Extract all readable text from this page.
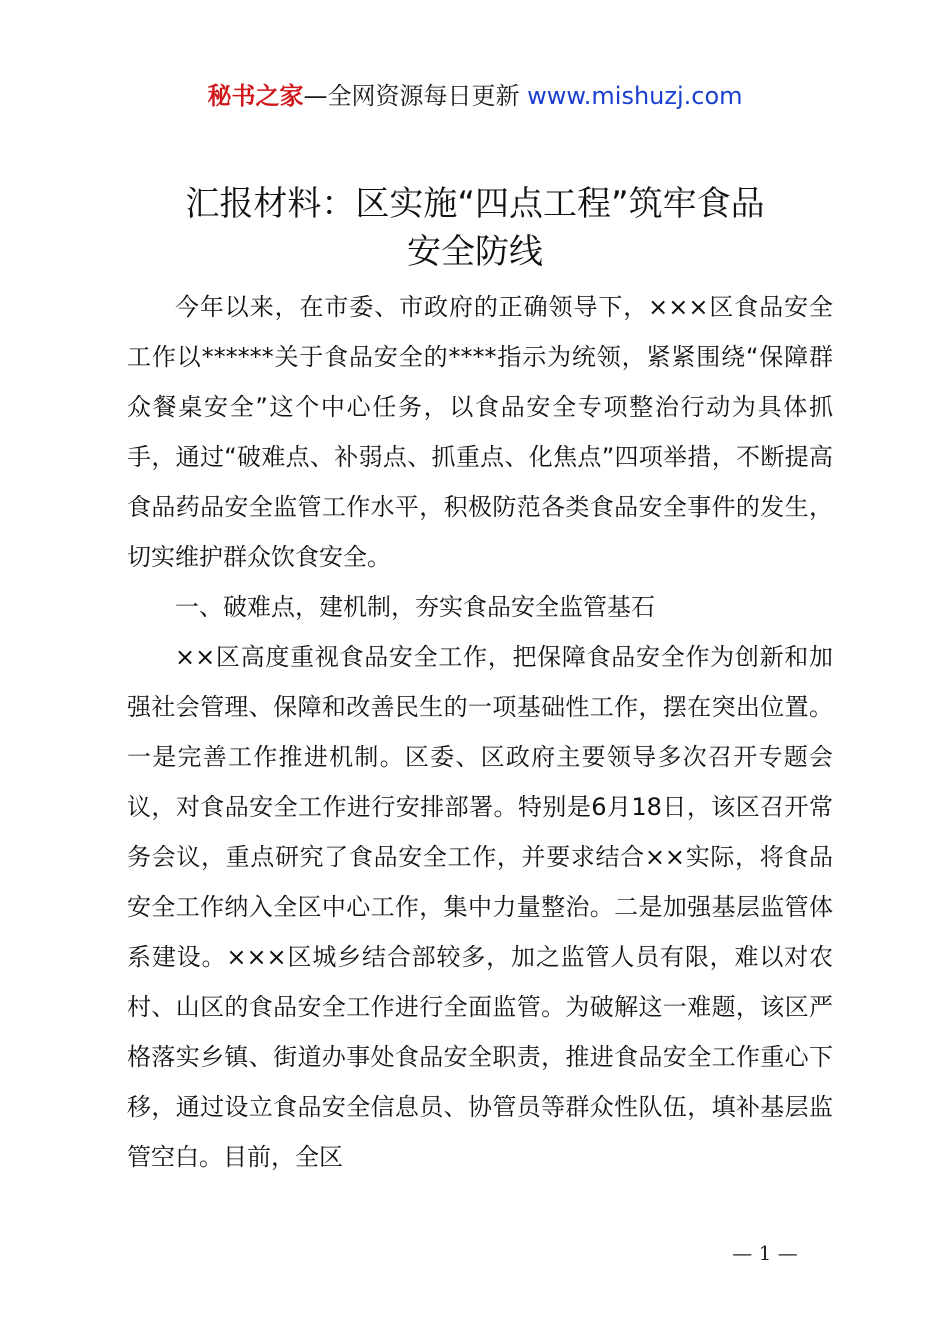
秘书之家—全网资源每日更新 www.mishuzj.com
汇报材料：区实施“四点工程”筑牢食品
安全防线

今年以来，在市委、市政府的正确领导下，×××区食品安全工作以******关于食品安全的****指示为统领，紧紧围绕“保障群众餐桌安全”这个中心任务，以食品安全专项整治行动为具体抓手，通过“破难点、补弱点、抓重点、化焦点”四项举措，不断提高食品药品安全监管工作水平，积极防范各类食品安全事件的发生，切实维护群众饮食安全。

一、破难点，建机制，夯实食品安全监管基石

××区高度重视食品安全工作，把保障食品安全作为创新和加强社会管理、保障和改善民生的一项基础性工作，摆在突出位置。一是完善工作推进机制。区委、区政府主要领导多次召开专题会议，对食品安全工作进行安排部署。特别是6月18日，该区召开常务会议，重点研究了食品安全工作，并要求结合××实际，将食品安全工作纳入全区中心工作，集中力量整治。二是加强基层监管体系建设。×××区城乡结合部较多，加之监管人员有限，难以对农村、山区的食品安全工作进行全面监管。为破解这一难题，该区严格落实乡镇、街道办事处食品安全职责，推进食品安全工作重心下移，通过设立食品安全信息员、协管员等群众性队伍，填补基层监管空白。目前，全区

— 1 —
